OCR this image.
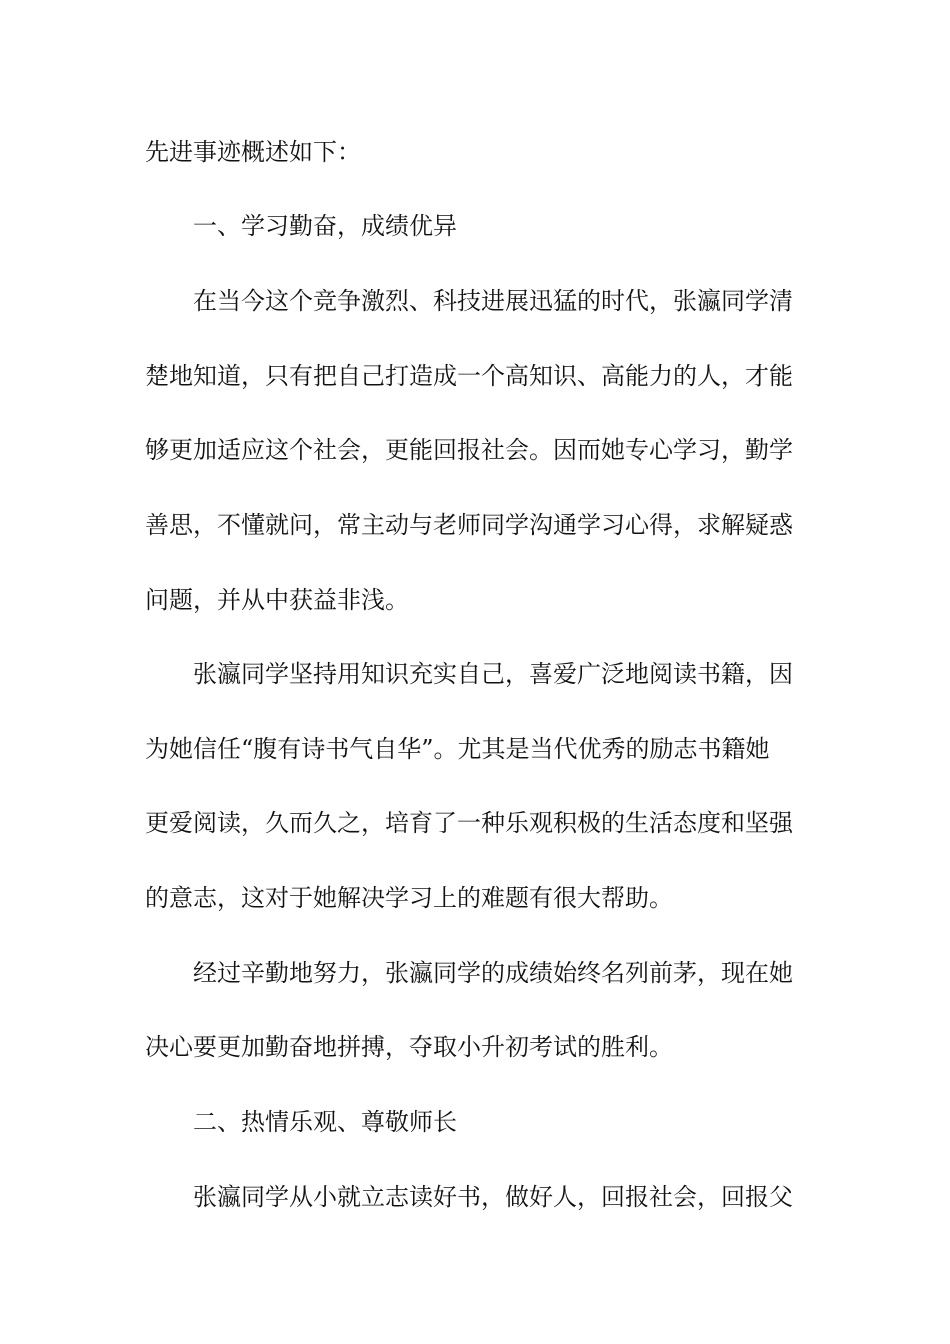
先进事迹概述如下：
一、学习勤奋，成绩优异
在当今这个竞争激烈、科技进展迅猛的时代，张瀛同学清
楚地知道，只有把自己打造成一个高知识、高能力的人，才能
够更加适应这个社会，更能回报社会。因而她专心学习，勤学
善思，不懂就问，常主动与老师同学沟通学习心得，求解疑惑
问题，并从中获益非浅。
张瀛同学坚持用知识充实自己，喜爱广泛地阅读书籍，因
为她信任“腹有诗书气自华”。尤其是当代优秀的励志书籍她
更爱阅读，久而久之，培育了一种乐观积极的生活态度和坚强
的意志，这对于她解决学习上的难题有很大帮助。
经过辛勤地努力，张瀛同学的成绩始终名列前茅，现在她
决心要更加勤奋地拼搏，夺取小升初考试的胜利。
二、热情乐观、尊敬师长
张瀛同学从小就立志读好书，做好人，回报社会，回报父
